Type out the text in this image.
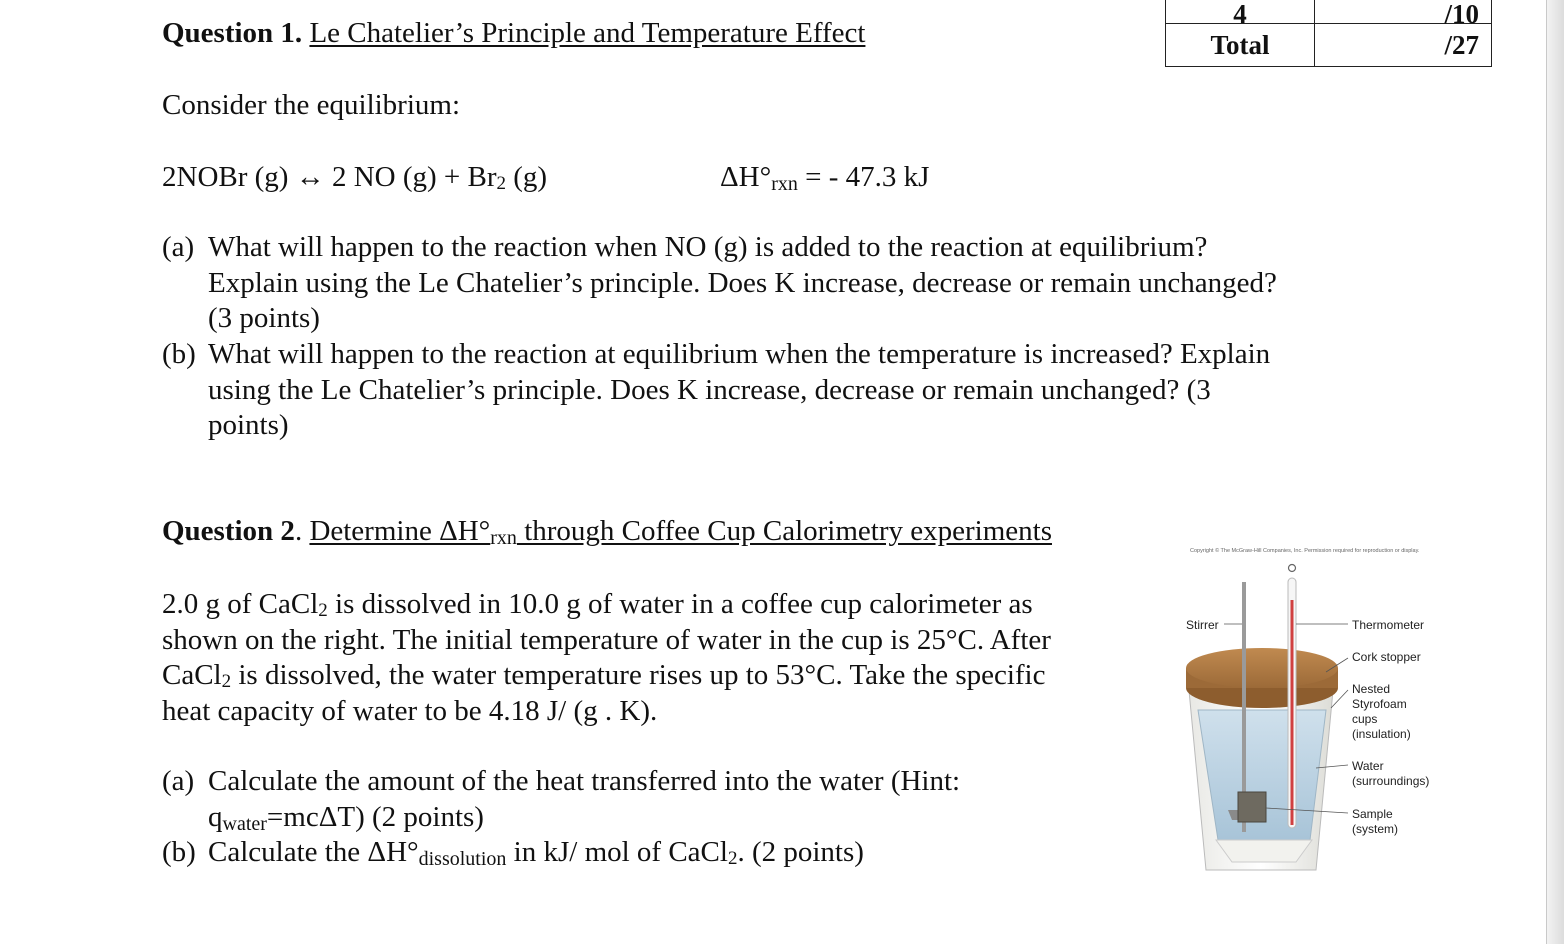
4	/10
Total	/27
Question 1. Le Chatelier’s Principle and Temperature Effect
Consider the equilibrium:
2NOBr (g) ↔ 2 NO $(g) + Br_2$ (g)	$\Delta H^\circ_{rxn}$ = - 47.3 kJ
(a) What will happen to the reaction when NO (g) is added to the reaction at equilibrium?
Explain using the Le Chatelier’s principle. Does K increase, decrease or remain unchanged?
(3 points)
(b) What will happen to the reaction at equilibrium when the temperature is increased? Explain
using the Le Chatelier’s principle. Does K increase, decrease or remain unchanged? (3
points)
Question 2. Determine $\Delta H^\circ_{rxn}$ through Coffee Cup Calorimetry experiments
2.0 g of CaCl$_2$ is dissolved in 10.0 g of water in a coffee cup calorimeter as
shown on the right. The initial temperature of water in the cup is 25°C. After
CaCl$_2$ is dissolved, the water temperature rises up to 53°C. Take the specific
heat capacity of water to be 4.18 J/ (g . K).
(a) Calculate the amount of the heat transferred into the water (Hint:
$q_{water}=mc\Delta T$) (2 points)
(b) Calculate the $\Delta H^\circ_{dissolution}$ in kJ/ mol of CaCl$_2$. (2 points)
Copyright © The McGraw-Hill Companies, Inc. Permission required for reproduction or display.
Stirrer	Thermometer
Cork stopper
Nested
Styrofoam
cups
(insulation)
Water
(surroundings)
Sample
(system)
